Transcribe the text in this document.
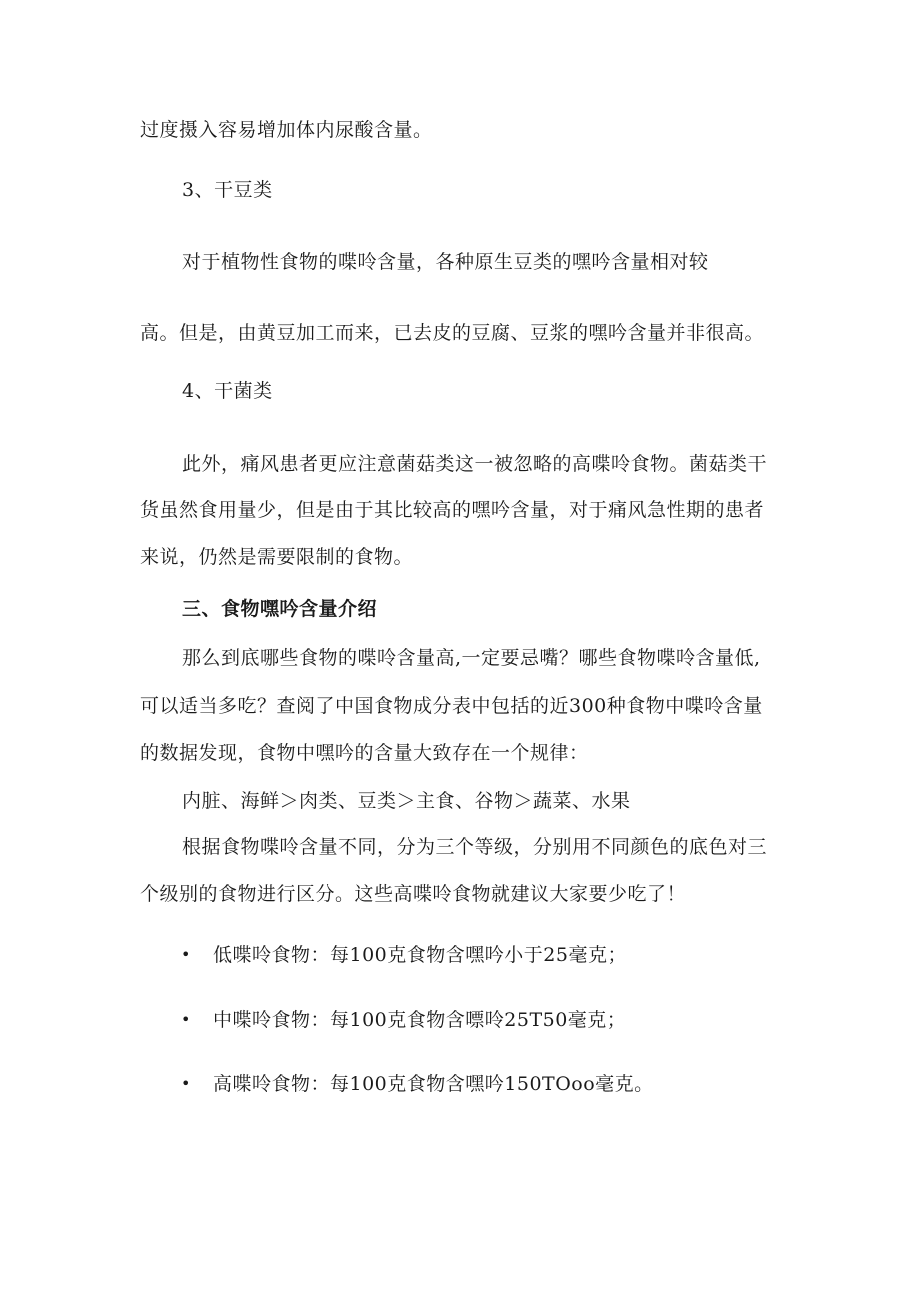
过度摄入容易增加体内尿酸含量。
3、干豆类
对于植物性食物的喋呤含量，各种原生豆类的嘿吟含量相对较
高。但是，由黄豆加工而来，已去皮的豆腐、豆浆的嘿吟含量并非很高。
4、干菌类
此外，痛风患者更应注意菌菇类这一被忽略的高喋呤食物。菌菇类干
货虽然食用量少，但是由于其比较高的嘿吟含量，对于痛风急性期的患者
来说，仍然是需要限制的食物。
三、食物嘿吟含量介绍
那么到底哪些食物的喋呤含量高,一定要忌嘴？哪些食物喋呤含量低,
可以适当多吃？查阅了中国食物成分表中包括的近300种食物中喋呤含量
的数据发现，食物中嘿吟的含量大致存在一个规律：
内脏、海鲜＞肉类、豆类＞主食、谷物＞蔬菜、水果
根据食物喋呤含量不同，分为三个等级，分别用不同颜色的底色对三
个级别的食物进行区分。这些高喋呤食物就建议大家要少吃了！
• 低喋呤食物：每100克食物含嘿吟小于25毫克；
• 中喋呤食物：每100克食物含嘌呤25T50毫克；
• 高喋呤食物：每100克食物含嘿吟150TOoo毫克。
